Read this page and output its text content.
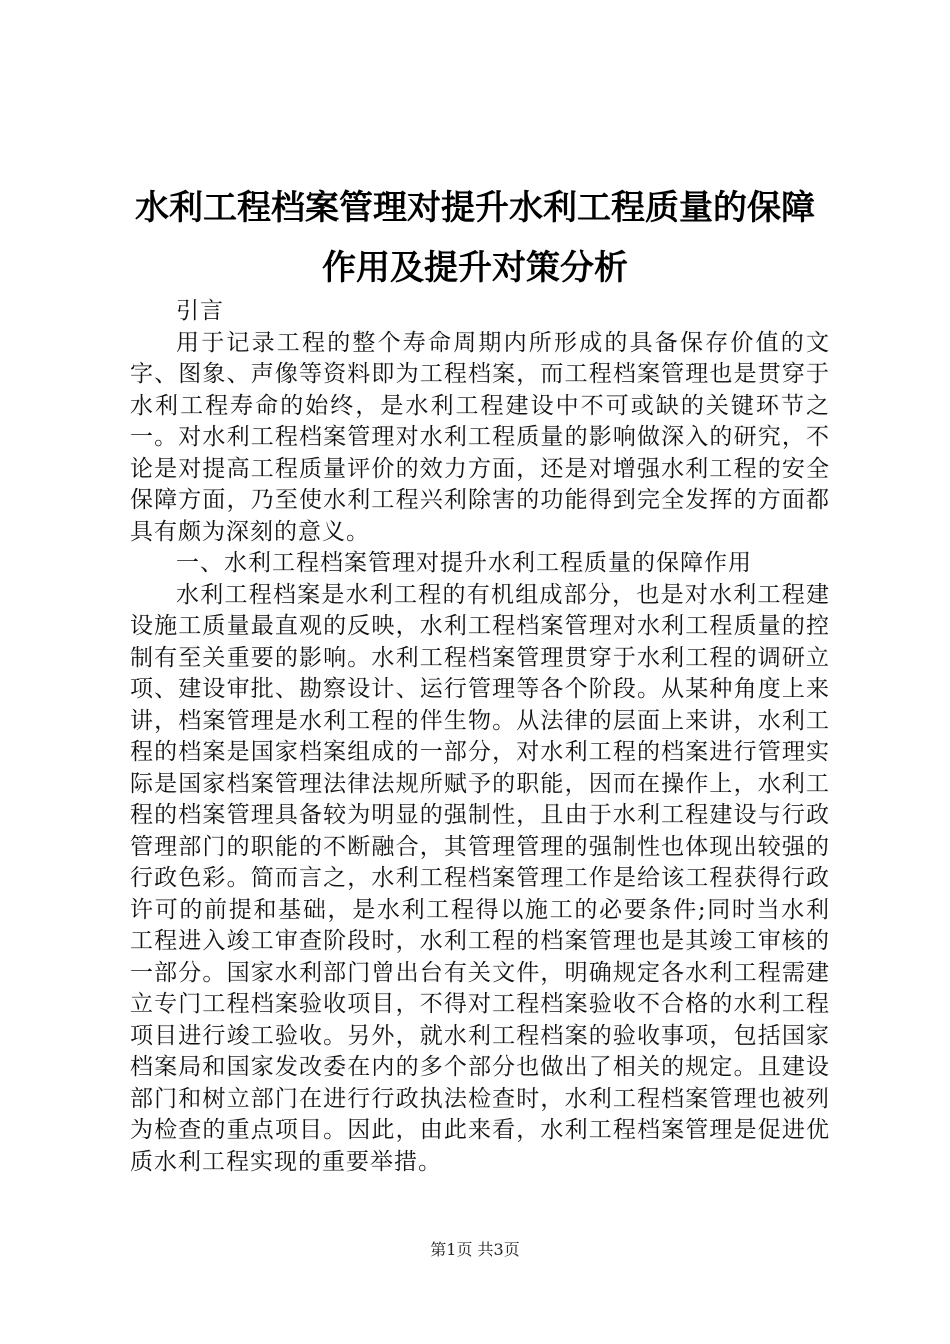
水利工程档案管理对提升水利工程质量的保障
作用及提升对策分析

引言

用于记录工程的整个寿命周期内所形成的具备保存价值的文字、图象、声像等资料即为工程档案，而工程档案管理也是贯穿于水利工程寿命的始终，是水利工程建设中不可或缺的关键环节之一。对水利工程档案管理对水利工程质量的影响做深入的研究，不论是对提高工程质量评价的效力方面，还是对增强水利工程的安全保障方面，乃至使水利工程兴利除害的功能得到完全发挥的方面都具有颇为深刻的意义。

一、水利工程档案管理对提升水利工程质量的保障作用

水利工程档案是水利工程的有机组成部分，也是对水利工程建设施工质量最直观的反映，水利工程档案管理对水利工程质量的控制有至关重要的影响。水利工程档案管理贯穿于水利工程的调研立项、建设审批、勘察设计、运行管理等各个阶段。从某种角度上来讲，档案管理是水利工程的伴生物。从法律的层面上来讲，水利工程的档案是国家档案组成的一部分，对水利工程的档案进行管理实际是国家档案管理法律法规所赋予的职能，因而在操作上，水利工程的档案管理具备较为明显的强制性，且由于水利工程建设与行政管理部门的职能的不断融合，其管理管理的强制性也体现出较强的行政色彩。简而言之，水利工程档案管理工作是给该工程获得行政许可的前提和基础，是水利工程得以施工的必要条件;同时当水利工程进入竣工审查阶段时，水利工程的档案管理也是其竣工审核的一部分。国家水利部门曾出台有关文件，明确规定各水利工程需建立专门工程档案验收项目，不得对工程档案验收不合格的水利工程项目进行竣工验收。另外，就水利工程档案的验收事项，包括国家档案局和国家发改委在内的多个部分也做出了相关的规定。且建设部门和树立部门在进行行政执法检查时，水利工程档案管理也被列为检查的重点项目。因此，由此来看，水利工程档案管理是促进优质水利工程实现的重要举措。

第1页 共3页
